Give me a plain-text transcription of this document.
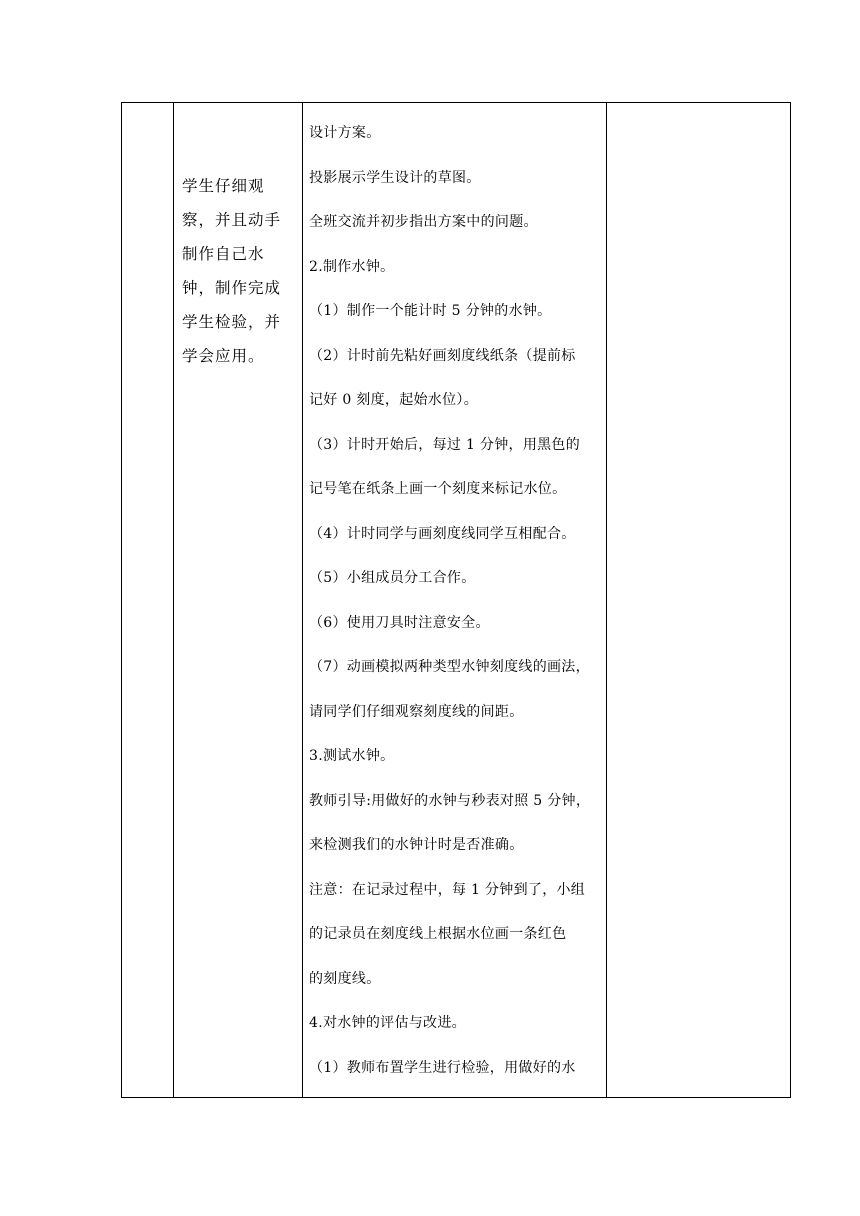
学生仔细观察，并且动手制作自己水钟，制作完成学生检验，并学会应用。

设计方案。
投影展示学生设计的草图。
全班交流并初步指出方案中的问题。
2.制作水钟。
（1）制作一个能计时 5 分钟的水钟。
（2）计时前先粘好画刻度线纸条（提前标
记好 0 刻度，起始水位）。
（3）计时开始后，每过 1 分钟，用黑色的
记号笔在纸条上画一个刻度来标记水位。
（4）计时同学与画刻度线同学互相配合。
（5）小组成员分工合作。
（6）使用刀具时注意安全。
（7）动画模拟两种类型水钟刻度线的画法，
请同学们仔细观察刻度线的间距。
3.测试水钟。
教师引导:用做好的水钟与秒表对照 5 分钟，
来检测我们的水钟计时是否准确。
注意：在记录过程中，每 1 分钟到了，小组
的记录员在刻度线上根据水位画一条红色
的刻度线。
4.对水钟的评估与改进。
（1）教师布置学生进行检验，用做好的水
